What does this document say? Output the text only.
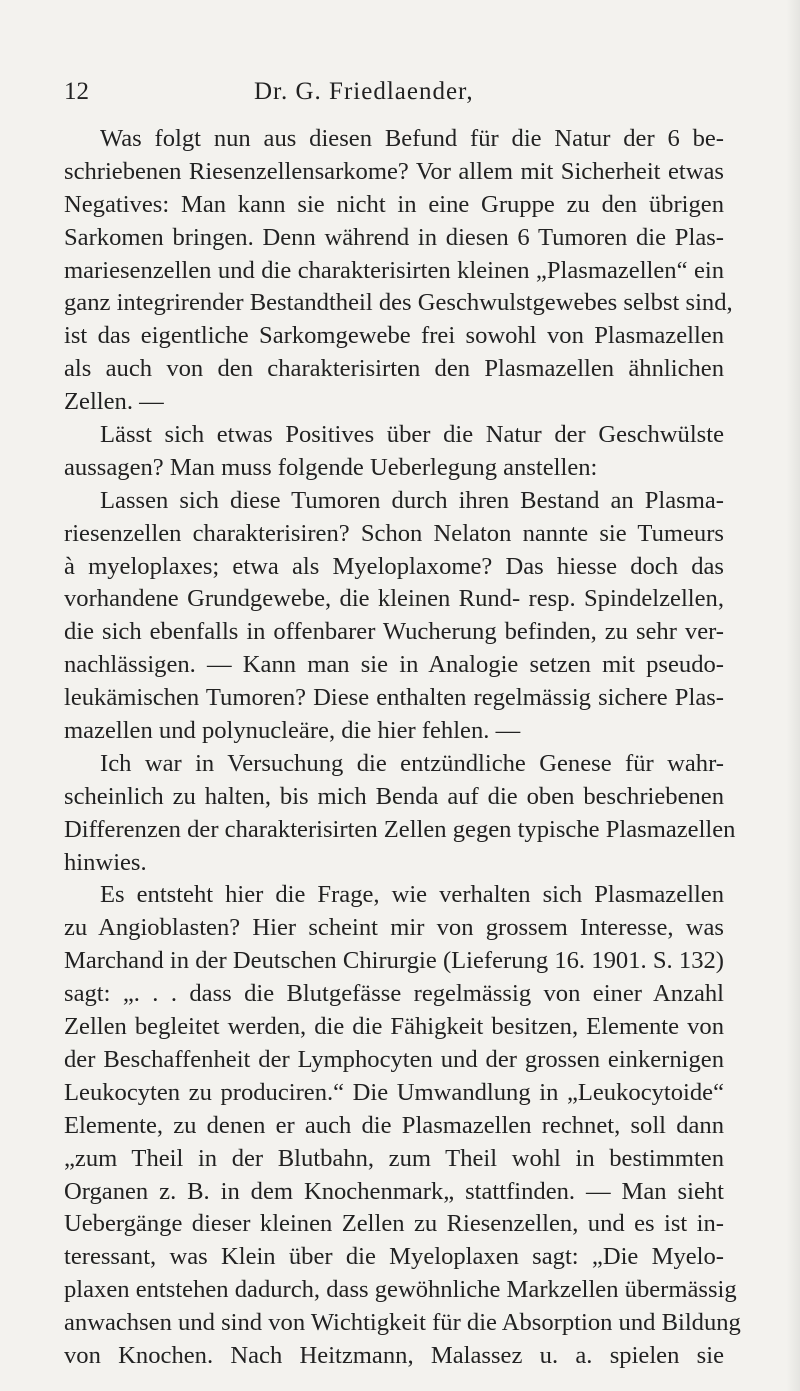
12	Dr. G. Friedlaender,
Was folgt nun aus diesen Befund für die Natur der 6 be-
schriebenen Riesenzellensarkome? Vor allem mit Sicherheit etwas
Negatives: Man kann sie nicht in eine Gruppe zu den übrigen
Sarkomen bringen. Denn während in diesen 6 Tumoren die Plas-
mariesenzellen und die charakterisirten kleinen „Plasmazellen“ ein
ganz integrirender Bestandtheil des Geschwulstgewebes selbst sind,
ist das eigentliche Sarkomgewebe frei sowohl von Plasmazellen
als auch von den charakterisirten den Plasmazellen ähnlichen
Zellen. —
Lässt sich etwas Positives über die Natur der Geschwülste
aussagen? Man muss folgende Ueberlegung anstellen:
Lassen sich diese Tumoren durch ihren Bestand an Plasma-
riesenzellen charakterisiren? Schon Nelaton nannte sie Tumeurs
à myeloplaxes; etwa als Myeloplaxome? Das hiesse doch das
vorhandene Grundgewebe, die kleinen Rund- resp. Spindelzellen,
die sich ebenfalls in offenbarer Wucherung befinden, zu sehr ver-
nachlässigen. — Kann man sie in Analogie setzen mit pseudo-
leukämischen Tumoren? Diese enthalten regelmässig sichere Plas-
mazellen und polynucleäre, die hier fehlen. —
Ich war in Versuchung die entzündliche Genese für wahr-
scheinlich zu halten, bis mich Benda auf die oben beschriebenen
Differenzen der charakterisirten Zellen gegen typische Plasmazellen
hinwies.
Es entsteht hier die Frage, wie verhalten sich Plasmazellen
zu Angioblasten? Hier scheint mir von grossem Interesse, was
Marchand in der Deutschen Chirurgie (Lieferung 16. 1901. S. 132)
sagt: „. . . dass die Blutgefässe regelmässig von einer Anzahl
Zellen begleitet werden, die die Fähigkeit besitzen, Elemente von
der Beschaffenheit der Lymphocyten und der grossen einkernigen
Leukocyten zu produciren.“ Die Umwandlung in „Leukocytoide“
Elemente, zu denen er auch die Plasmazellen rechnet, soll dann
„zum Theil in der Blutbahn, zum Theil wohl in bestimmten
Organen z. B. in dem Knochenmark„ stattfinden. — Man sieht
Uebergänge dieser kleinen Zellen zu Riesenzellen, und es ist in-
teressant, was Klein über die Myeloplaxen sagt: „Die Myelo-
plaxen entstehen dadurch, dass gewöhnliche Markzellen übermässig
anwachsen und sind von Wichtigkeit für die Absorption und Bildung
von Knochen. Nach Heitzmann, Malassez u. a. spielen sie
